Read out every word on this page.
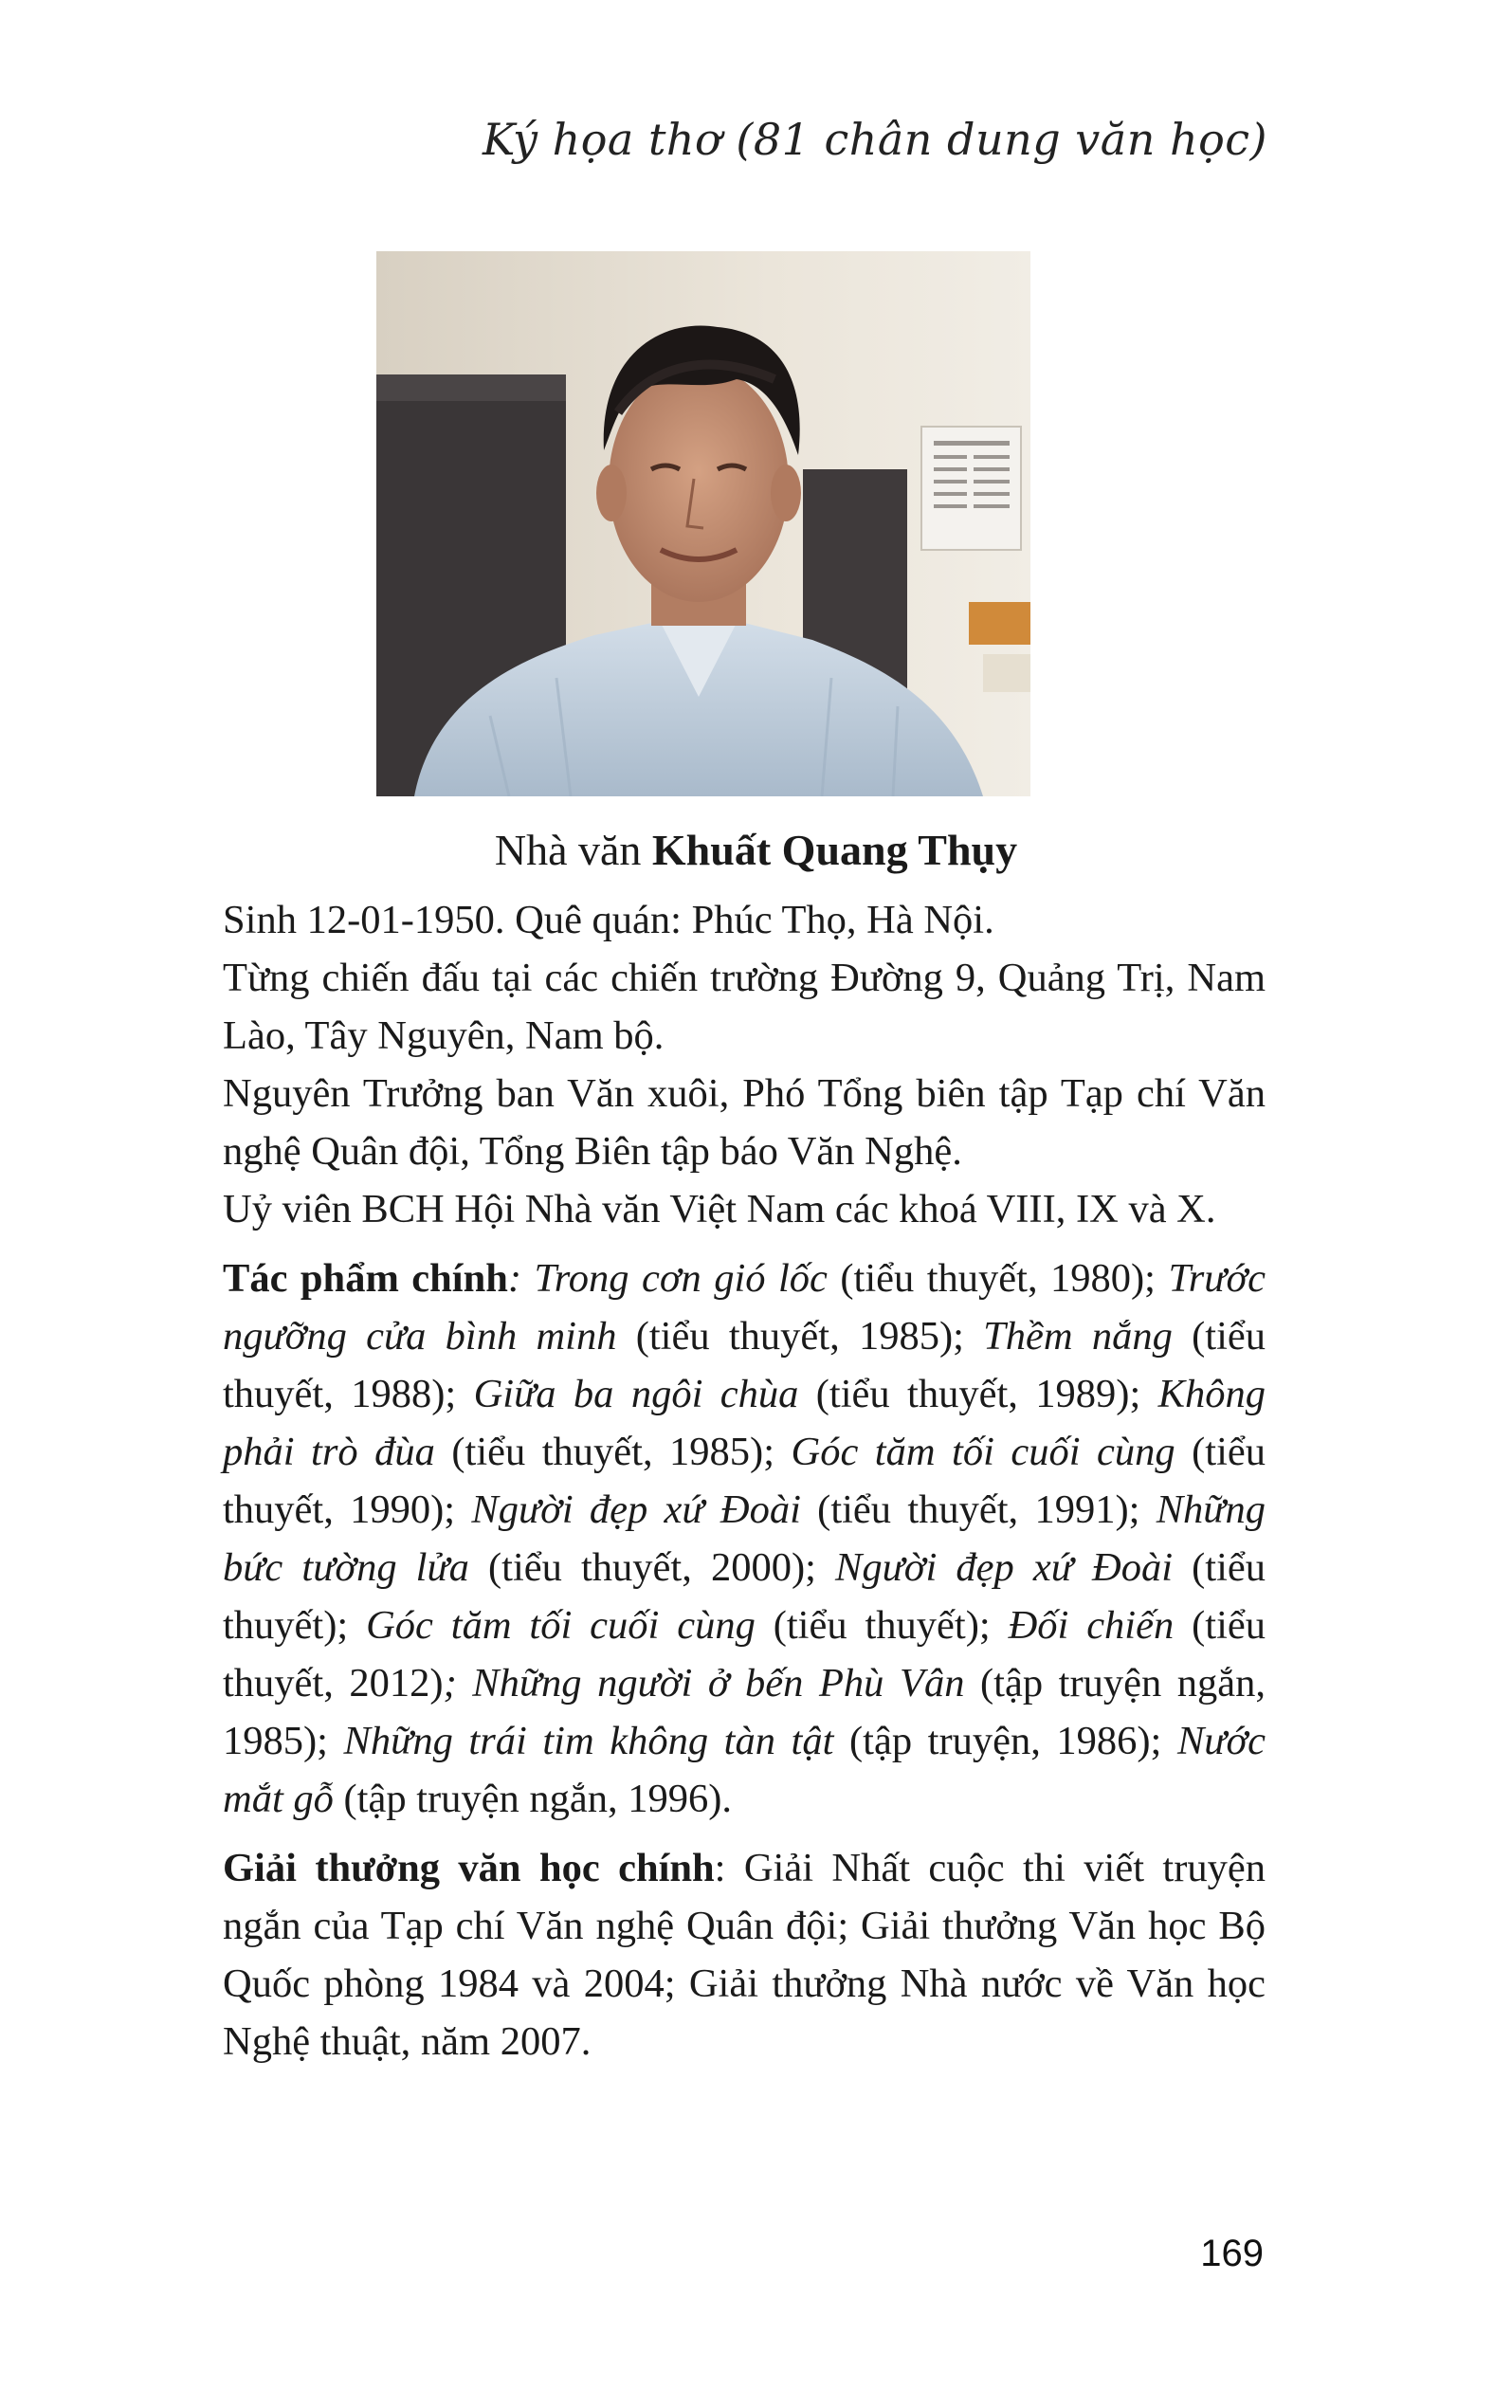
Ký họa thơ (81 chân dung văn học)
Nhà văn Khuất Quang Thụy

Sinh 12-01-1950. Quê quán: Phúc Thọ, Hà Nội.

Từng chiến đấu tại các chiến trường Đường 9, Quảng Trị, Nam Lào, Tây Nguyên, Nam bộ.

Nguyên Trưởng ban Văn xuôi, Phó Tổng biên tập Tạp chí Văn nghệ Quân đội, Tổng Biên tập báo Văn Nghệ.

Uỷ viên BCH Hội Nhà văn Việt Nam các khoá VIII, IX và X.

Tác phẩm chính: Trong cơn gió lốc (tiểu thuyết, 1980); Trước ngưỡng cửa bình minh (tiểu thuyết, 1985); Thềm nắng (tiểu thuyết, 1988); Giữa ba ngôi chùa (tiểu thuyết, 1989); Không phải trò đùa (tiểu thuyết, 1985); Góc tăm tối cuối cùng (tiểu thuyết, 1990); Người đẹp xứ Đoài (tiểu thuyết, 1991); Những bức tường lửa (tiểu thuyết, 2000); Người đẹp xứ Đoài (tiểu thuyết); Góc tăm tối cuối cùng (tiểu thuyết); Đối chiến (tiểu thuyết, 2012); Những người ở bến Phù Vân (tập truyện ngắn, 1985); Những trái tim không tàn tật (tập truyện, 1986); Nước mắt gỗ (tập truyện ngắn, 1996).

Giải thưởng văn học chính: Giải Nhất cuộc thi viết truyện ngắn của Tạp chí Văn nghệ Quân đội; Giải thưởng Văn học Bộ Quốc phòng 1984 và 2004; Giải thưởng Nhà nước về Văn học Nghệ thuật, năm 2007.

169
